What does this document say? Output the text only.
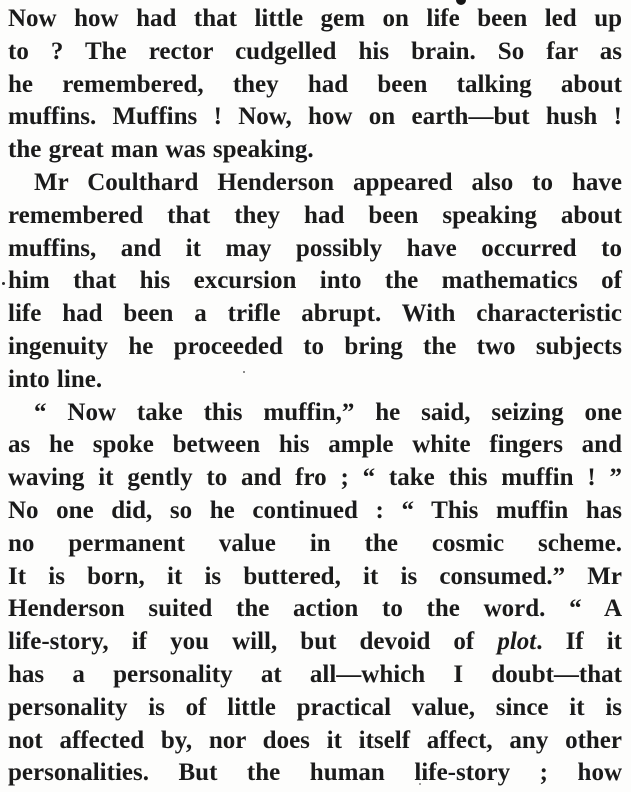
Now how had that little gem on life been led up
to ? The rector cudgelled his brain. So far as
he remembered, they had been talking about
muffins. Muffins ! Now, how on earth—but hush !
the great man was speaking.
Mr Coulthard Henderson appeared also to have
remembered that they had been speaking about
muffins, and it may possibly have occurred to
him that his excursion into the mathematics of
life had been a trifle abrupt. With characteristic
ingenuity he proceeded to bring the two subjects
into line.
“ Now take this muffin,” he said, seizing one
as he spoke between his ample white fingers and
waving it gently to and fro ; “ take this muffin ! ”
No one did, so he continued : “ This muffin has
no permanent value in the cosmic scheme.
It is born, it is buttered, it is consumed.” Mr
Henderson suited the action to the word. “ A
life-story, if you will, but devoid of plot. If it
has a personality at all—which I doubt—that
personality is of little practical value, since it is
not affected by, nor does it itself affect, any other
personalities. But the human life-story ; how
